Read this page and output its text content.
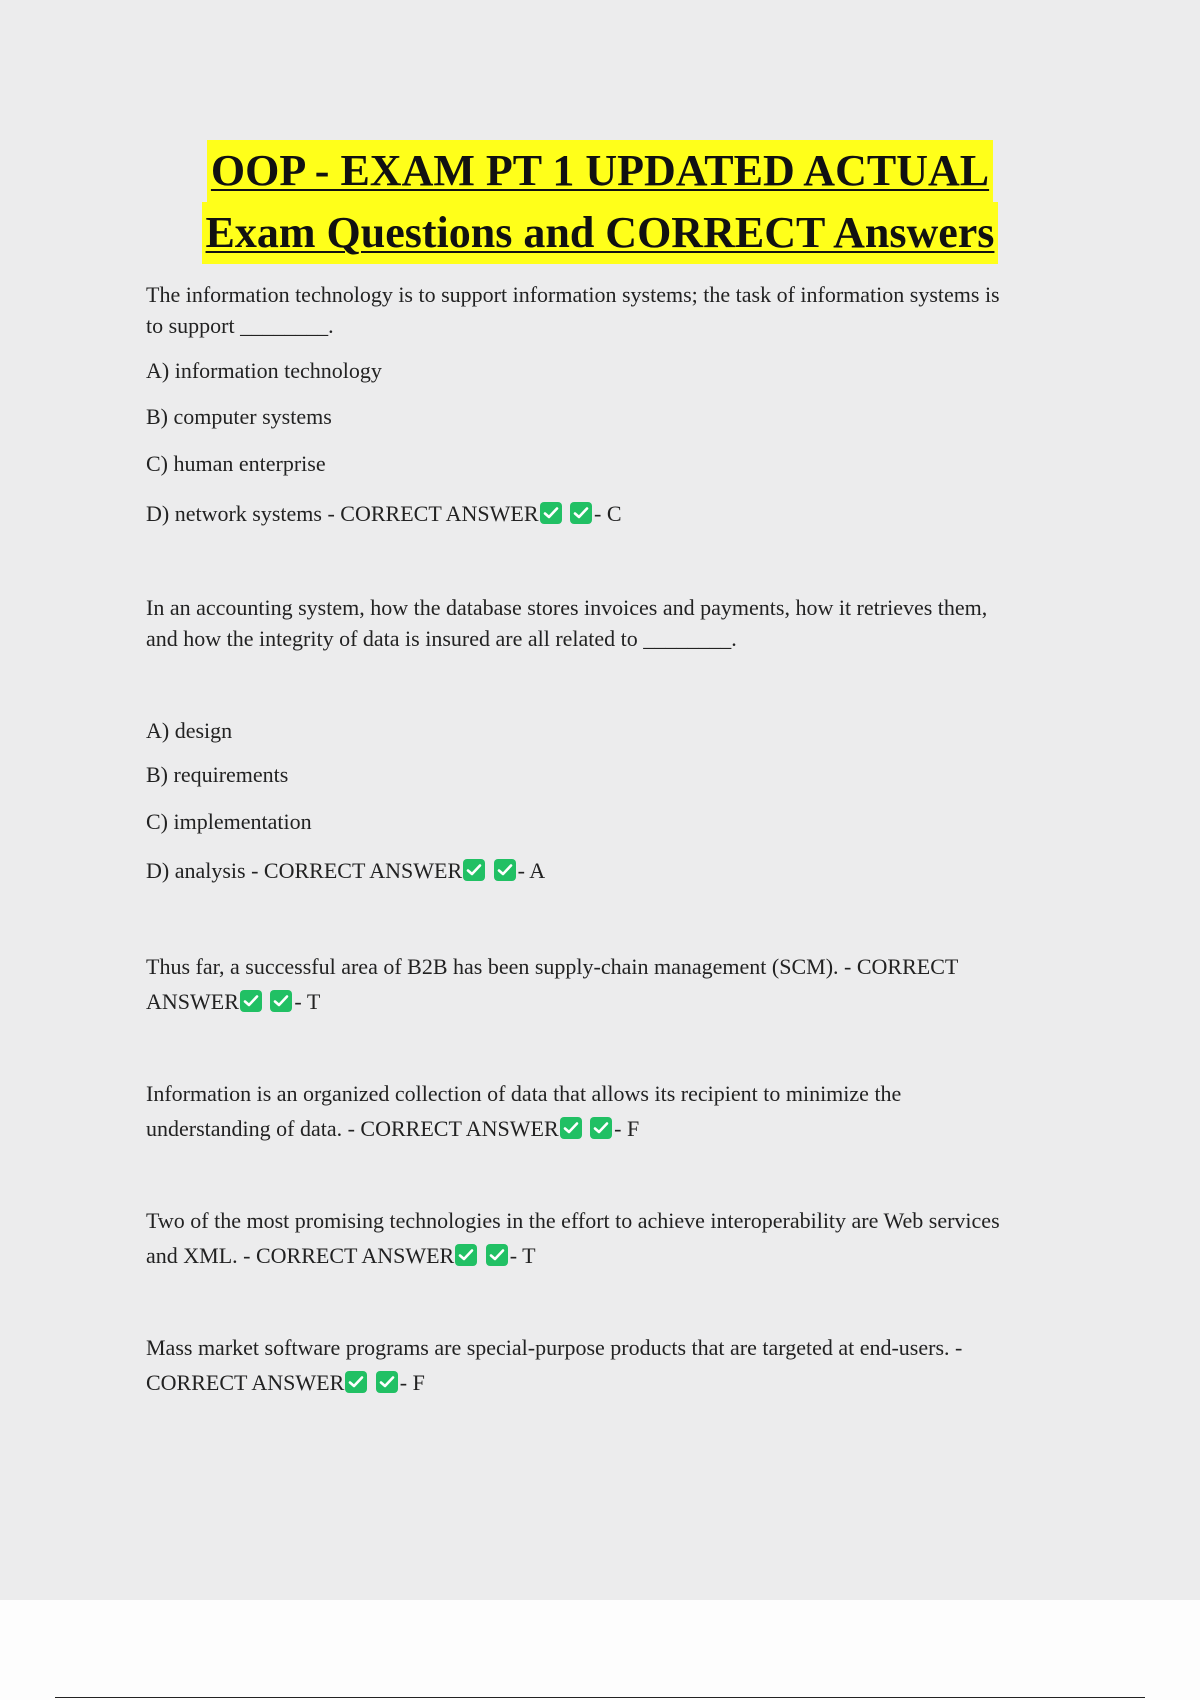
OOP - EXAM PT 1 UPDATED ACTUAL
Exam Questions and CORRECT Answers

The information technology is to support information systems; the task of information systems is

to support ________.

A) information technology

B) computer systems

C) human enterprise

D) network systems - CORRECT ANSWER
	- C

In an accounting system, how the database stores invoices and payments, how it retrieves them,

and how the integrity of data is insured are all related to ________.

A) design

B) requirements

C) implementation

D) analysis - CORRECT ANSWER
	- A

Thus far, a successful area of B2B has been supply-chain management (SCM). - CORRECT

ANSWER
	- T

Information is an organized collection of data that allows its recipient to minimize the

understanding of data. - CORRECT ANSWER
	- F

Two of the most promising technologies in the effort to achieve interoperability are Web services

and XML. - CORRECT ANSWER
	- T

Mass market software programs are special-purpose products that are targeted at end-users. -

CORRECT ANSWER
	- F
